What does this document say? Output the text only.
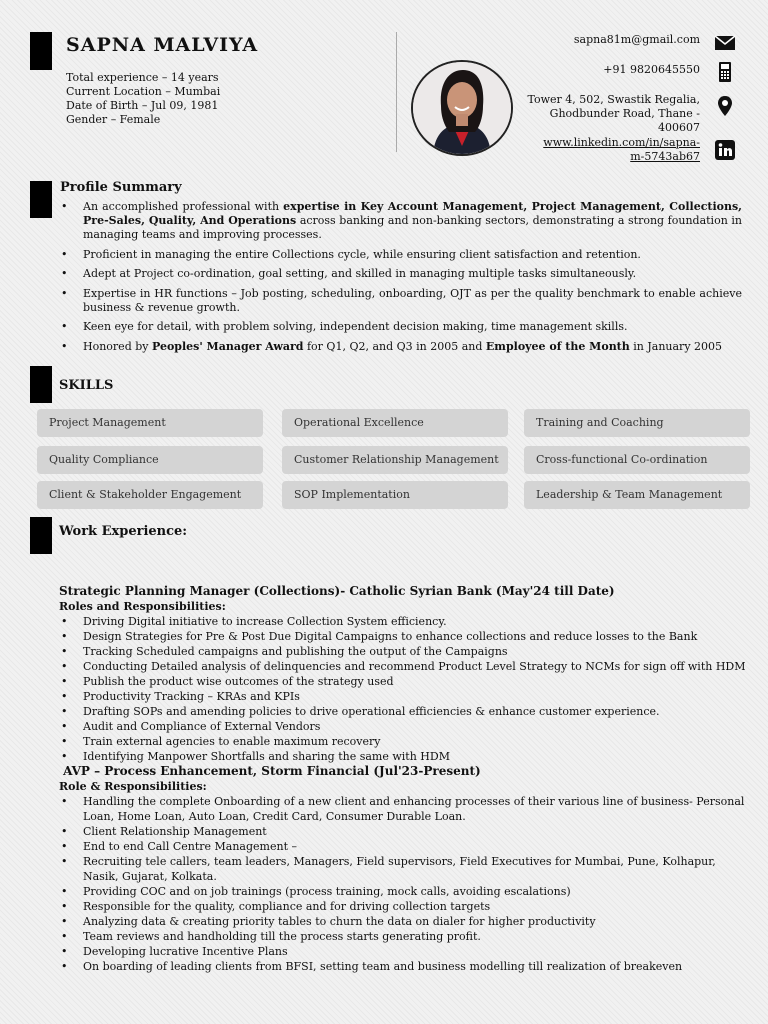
SAPNA MALVIYA
Total experience – 14 years
Current Location – Mumbai
Date of Birth – Jul 09, 1981
Gender – Female
sapna81m@gmail.com
+91 9820645550
Tower 4, 502, Swastik Regalia,
Ghodbunder Road, Thane -
400607
www.linkedin.com/in/sapna-
m-5743ab67
Profile Summary
• An accomplished professional with expertise in Key Account Management, Project Management, Collections, Pre-Sales, Quality, And Operations across banking and non-banking sectors, demonstrating a strong foundation in managing teams and improving processes.
• Proficient in managing the entire Collections cycle, while ensuring client satisfaction and retention.
• Adept at Project co-ordination, goal setting, and skilled in managing multiple tasks simultaneously.
• Expertise in HR functions – Job posting, scheduling, onboarding, OJT as per the quality benchmark to enable achieve business & revenue growth.
• Keen eye for detail, with problem solving, independent decision making, time management skills.
• Honored by Peoples' Manager Award for Q1, Q2, and Q3 in 2005 and Employee of the Month in January 2005
SKILLS
Project Management	Operational Excellence	Training and Coaching
Quality Compliance	Customer Relationship Management	Cross-functional Co-ordination
Client & Stakeholder Engagement	SOP Implementation	Leadership & Team Management
Work Experience:
Strategic Planning Manager (Collections)- Catholic Syrian Bank (May'24 till Date)
Roles and Responsibilities:
• Driving Digital initiative to increase Collection System efficiency.
• Design Strategies for Pre & Post Due Digital Campaigns to enhance collections and reduce losses to the Bank
• Tracking Scheduled campaigns and publishing the output of the Campaigns
• Conducting Detailed analysis of delinquencies and recommend Product Level Strategy to NCMs for sign off with HDM
• Publish the product wise outcomes of the strategy used
• Productivity Tracking – KRAs and KPIs
• Drafting SOPs and amending policies to drive operational efficiencies & enhance customer experience.
• Audit and Compliance of External Vendors
• Train external agencies to enable maximum recovery
• Identifying Manpower Shortfalls and sharing the same with HDM
AVP – Process Enhancement, Storm Financial (Jul'23-Present)
Role & Responsibilities:
• Handling the complete Onboarding of a new client and enhancing processes of their various line of business- Personal Loan, Home Loan, Auto Loan, Credit Card, Consumer Durable Loan.
• Client Relationship Management
• End to end Call Centre Management –
• Recruiting tele callers, team leaders, Managers, Field supervisors, Field Executives for Mumbai, Pune, Kolhapur, Nasik, Gujarat, Kolkata.
• Providing COC and on job trainings (process training, mock calls, avoiding escalations)
• Responsible for the quality, compliance and for driving collection targets
• Analyzing data & creating priority tables to churn the data on dialer for higher productivity
• Team reviews and handholding till the process starts generating profit.
• Developing lucrative Incentive Plans
• On boarding of leading clients from BFSI, setting team and business modelling till realization of breakeven
